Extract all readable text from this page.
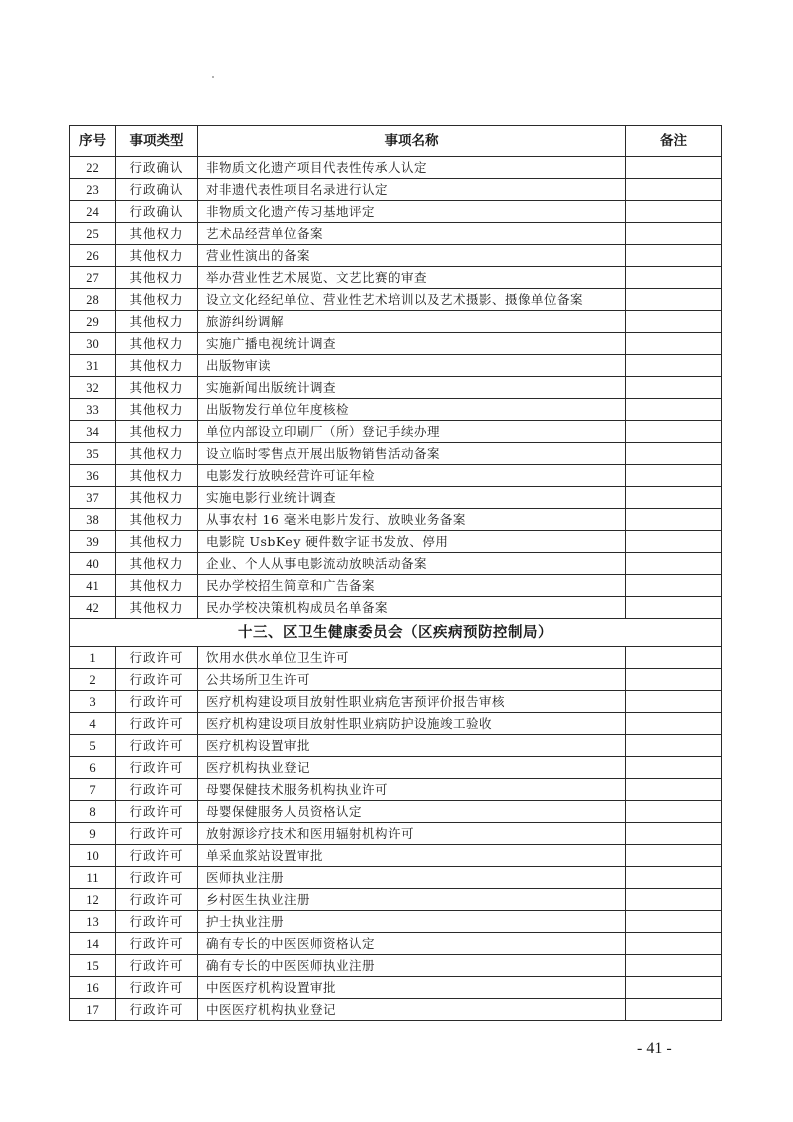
序号	事项类型	事项名称	备注
22	行政确认	非物质文化遗产项目代表性传承人认定	
23	行政确认	对非遗代表性项目名录进行认定	
24	行政确认	非物质文化遗产传习基地评定	
25	其他权力	艺术品经营单位备案	
26	其他权力	营业性演出的备案	
27	其他权力	举办营业性艺术展览、文艺比赛的审查	
28	其他权力	设立文化经纪单位、营业性艺术培训以及艺术摄影、摄像单位备案	
29	其他权力	旅游纠纷调解	
30	其他权力	实施广播电视统计调查	
31	其他权力	出版物审读	
32	其他权力	实施新闻出版统计调查	
33	其他权力	出版物发行单位年度核检	
34	其他权力	单位内部设立印刷厂（所）登记手续办理	
35	其他权力	设立临时零售点开展出版物销售活动备案	
36	其他权力	电影发行放映经营许可证年检	
37	其他权力	实施电影行业统计调查	
38	其他权力	从事农村 16 毫米电影片发行、放映业务备案	
39	其他权力	电影院 UsbKey 硬件数字证书发放、停用	
40	其他权力	企业、个人从事电影流动放映活动备案	
41	其他权力	民办学校招生简章和广告备案	
42	其他权力	民办学校决策机构成员名单备案	
十三、区卫生健康委员会（区疾病预防控制局）			
1	行政许可	饮用水供水单位卫生许可	
2	行政许可	公共场所卫生许可	
3	行政许可	医疗机构建设项目放射性职业病危害预评价报告审核	
4	行政许可	医疗机构建设项目放射性职业病防护设施竣工验收	
5	行政许可	医疗机构设置审批	
6	行政许可	医疗机构执业登记	
7	行政许可	母婴保健技术服务机构执业许可	
8	行政许可	母婴保健服务人员资格认定	
9	行政许可	放射源诊疗技术和医用辐射机构许可	
10	行政许可	单采血浆站设置审批	
11	行政许可	医师执业注册	
12	行政许可	乡村医生执业注册	
13	行政许可	护士执业注册	
14	行政许可	确有专长的中医医师资格认定	
15	行政许可	确有专长的中医医师执业注册	
16	行政许可	中医医疗机构设置审批	
17	行政许可	中医医疗机构执业登记	
- 41 -
